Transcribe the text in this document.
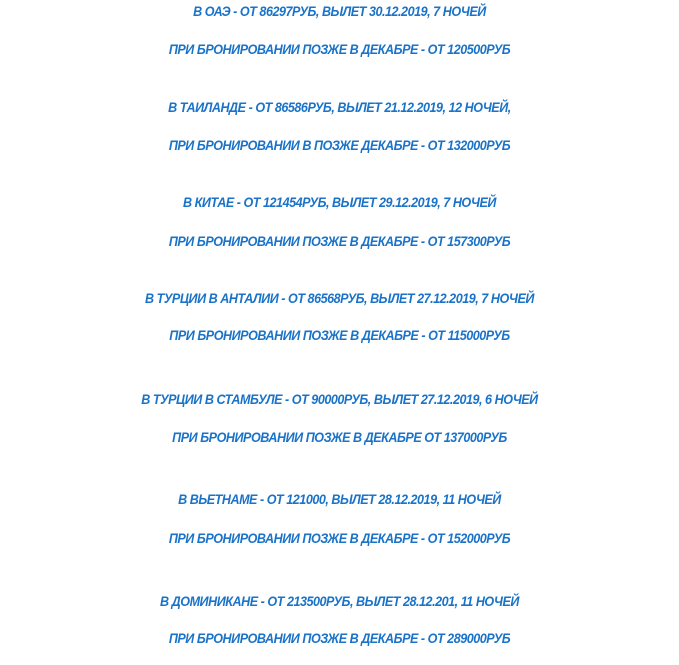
В ОАЭ - ОТ 86297РУБ, ВЫЛЕТ 30.12.2019, 7 НОЧЕЙ
ПРИ БРОНИРОВАНИИ ПОЗЖЕ В ДЕКАБРЕ - ОТ 120500РУБ
В ТАИЛАНДЕ - ОТ 86586РУБ, ВЫЛЕТ 21.12.2019, 12 НОЧЕЙ,
ПРИ БРОНИРОВАНИИ В ПОЗЖЕ ДЕКАБРЕ - ОТ 132000РУБ
В КИТАЕ - ОТ 121454РУБ, ВЫЛЕТ 29.12.2019, 7 НОЧЕЙ
ПРИ БРОНИРОВАНИИ ПОЗЖЕ В ДЕКАБРЕ - ОТ 157300РУБ
В ТУРЦИИ В АНТАЛИИ - ОТ 86568РУБ, ВЫЛЕТ 27.12.2019, 7 НОЧЕЙ
ПРИ БРОНИРОВАНИИ ПОЗЖЕ В ДЕКАБРЕ - ОТ 115000РУБ
В ТУРЦИИ В СТАМБУЛЕ - ОТ 90000РУБ, ВЫЛЕТ 27.12.2019, 6 НОЧЕЙ
ПРИ БРОНИРОВАНИИ ПОЗЖЕ В ДЕКАБРЕ ОТ 137000РУБ
В ВЬЕТНАМЕ - ОТ 121000, ВЫЛЕТ 28.12.2019, 11 НОЧЕЙ
ПРИ БРОНИРОВАНИИ ПОЗЖЕ В ДЕКАБРЕ - ОТ 152000РУБ
В ДОМИНИКАНЕ - ОТ 213500РУБ, ВЫЛЕТ 28.12.201, 11 НОЧЕЙ
ПРИ БРОНИРОВАНИИ ПОЗЖЕ В ДЕКАБРЕ - ОТ 289000РУБ
